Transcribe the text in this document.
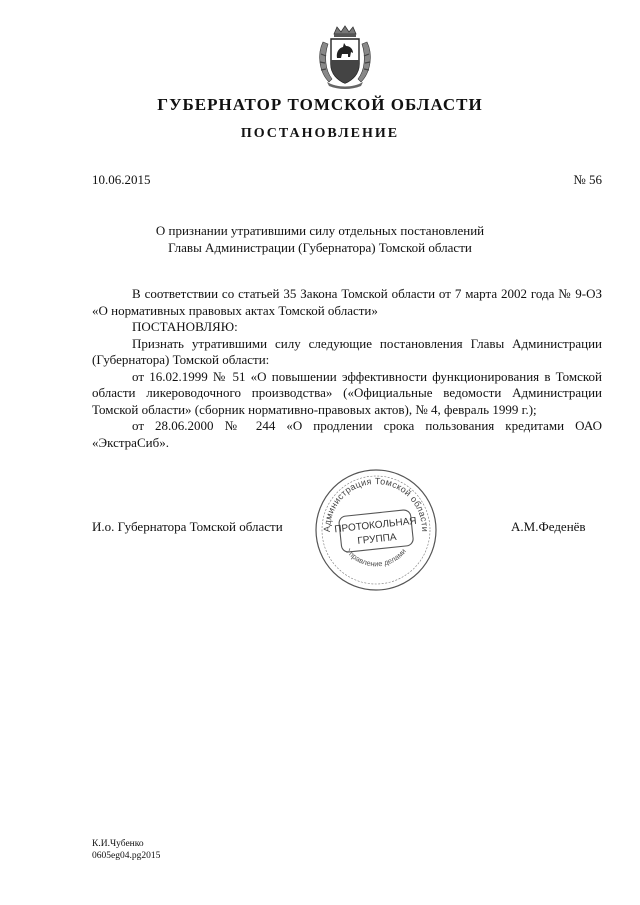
ГУБЕРНАТОР ТОМСКОЙ ОБЛАСТИ
ПОСТАНОВЛЕНИЕ
10.06.2015	№ 56
О признании утратившими силу отдельных постановлений
Главы Администрации (Губернатора) Томской области

В соответствии со статьей 35 Закона Томской области от 7 марта 2002 года № 9-ОЗ «О нормативных правовых актах Томской области»

ПОСТАНОВЛЯЮ:

Признать утратившими силу следующие постановления Главы Администрации (Губернатора) Томской области:

от 16.02.1999 № 51 «О повышении эффективности функционирования в Томской области ликероводочного производства» («Официальные ведомости Администрации Томской области» (сборник нормативно-правовых актов), № 4, февраль 1999 г.);

от 28.06.2000 № 244 «О продлении срока пользования кредитами ОАО «ЭкстраСиб».

И.о. Губернатора Томской области	А.М.Феденёв
Администрация Томской области
Управление делами
ПРОТОКОЛЬНАЯ
ГРУППА
К.И.Чубенко
0605eg04.pg2015
